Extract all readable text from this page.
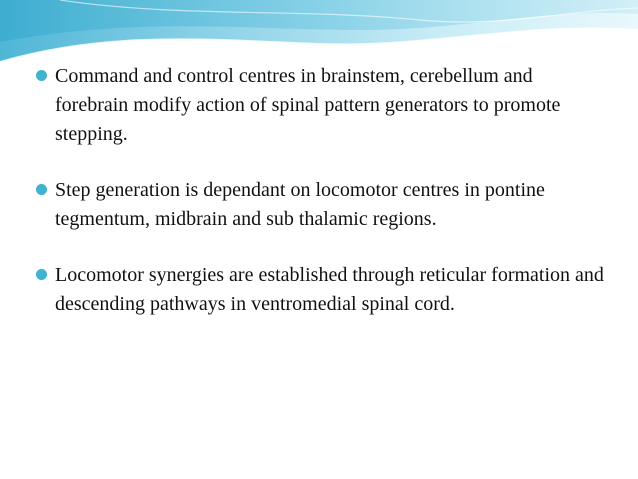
Command and control centres in brainstem, cerebellum and forebrain modify action of spinal pattern generators to promote stepping.
Step generation is dependant on locomotor centres in pontine tegmentum, midbrain and sub thalamic regions.
Locomotor synergies are established through reticular formation and descending pathways in ventromedial spinal cord.
